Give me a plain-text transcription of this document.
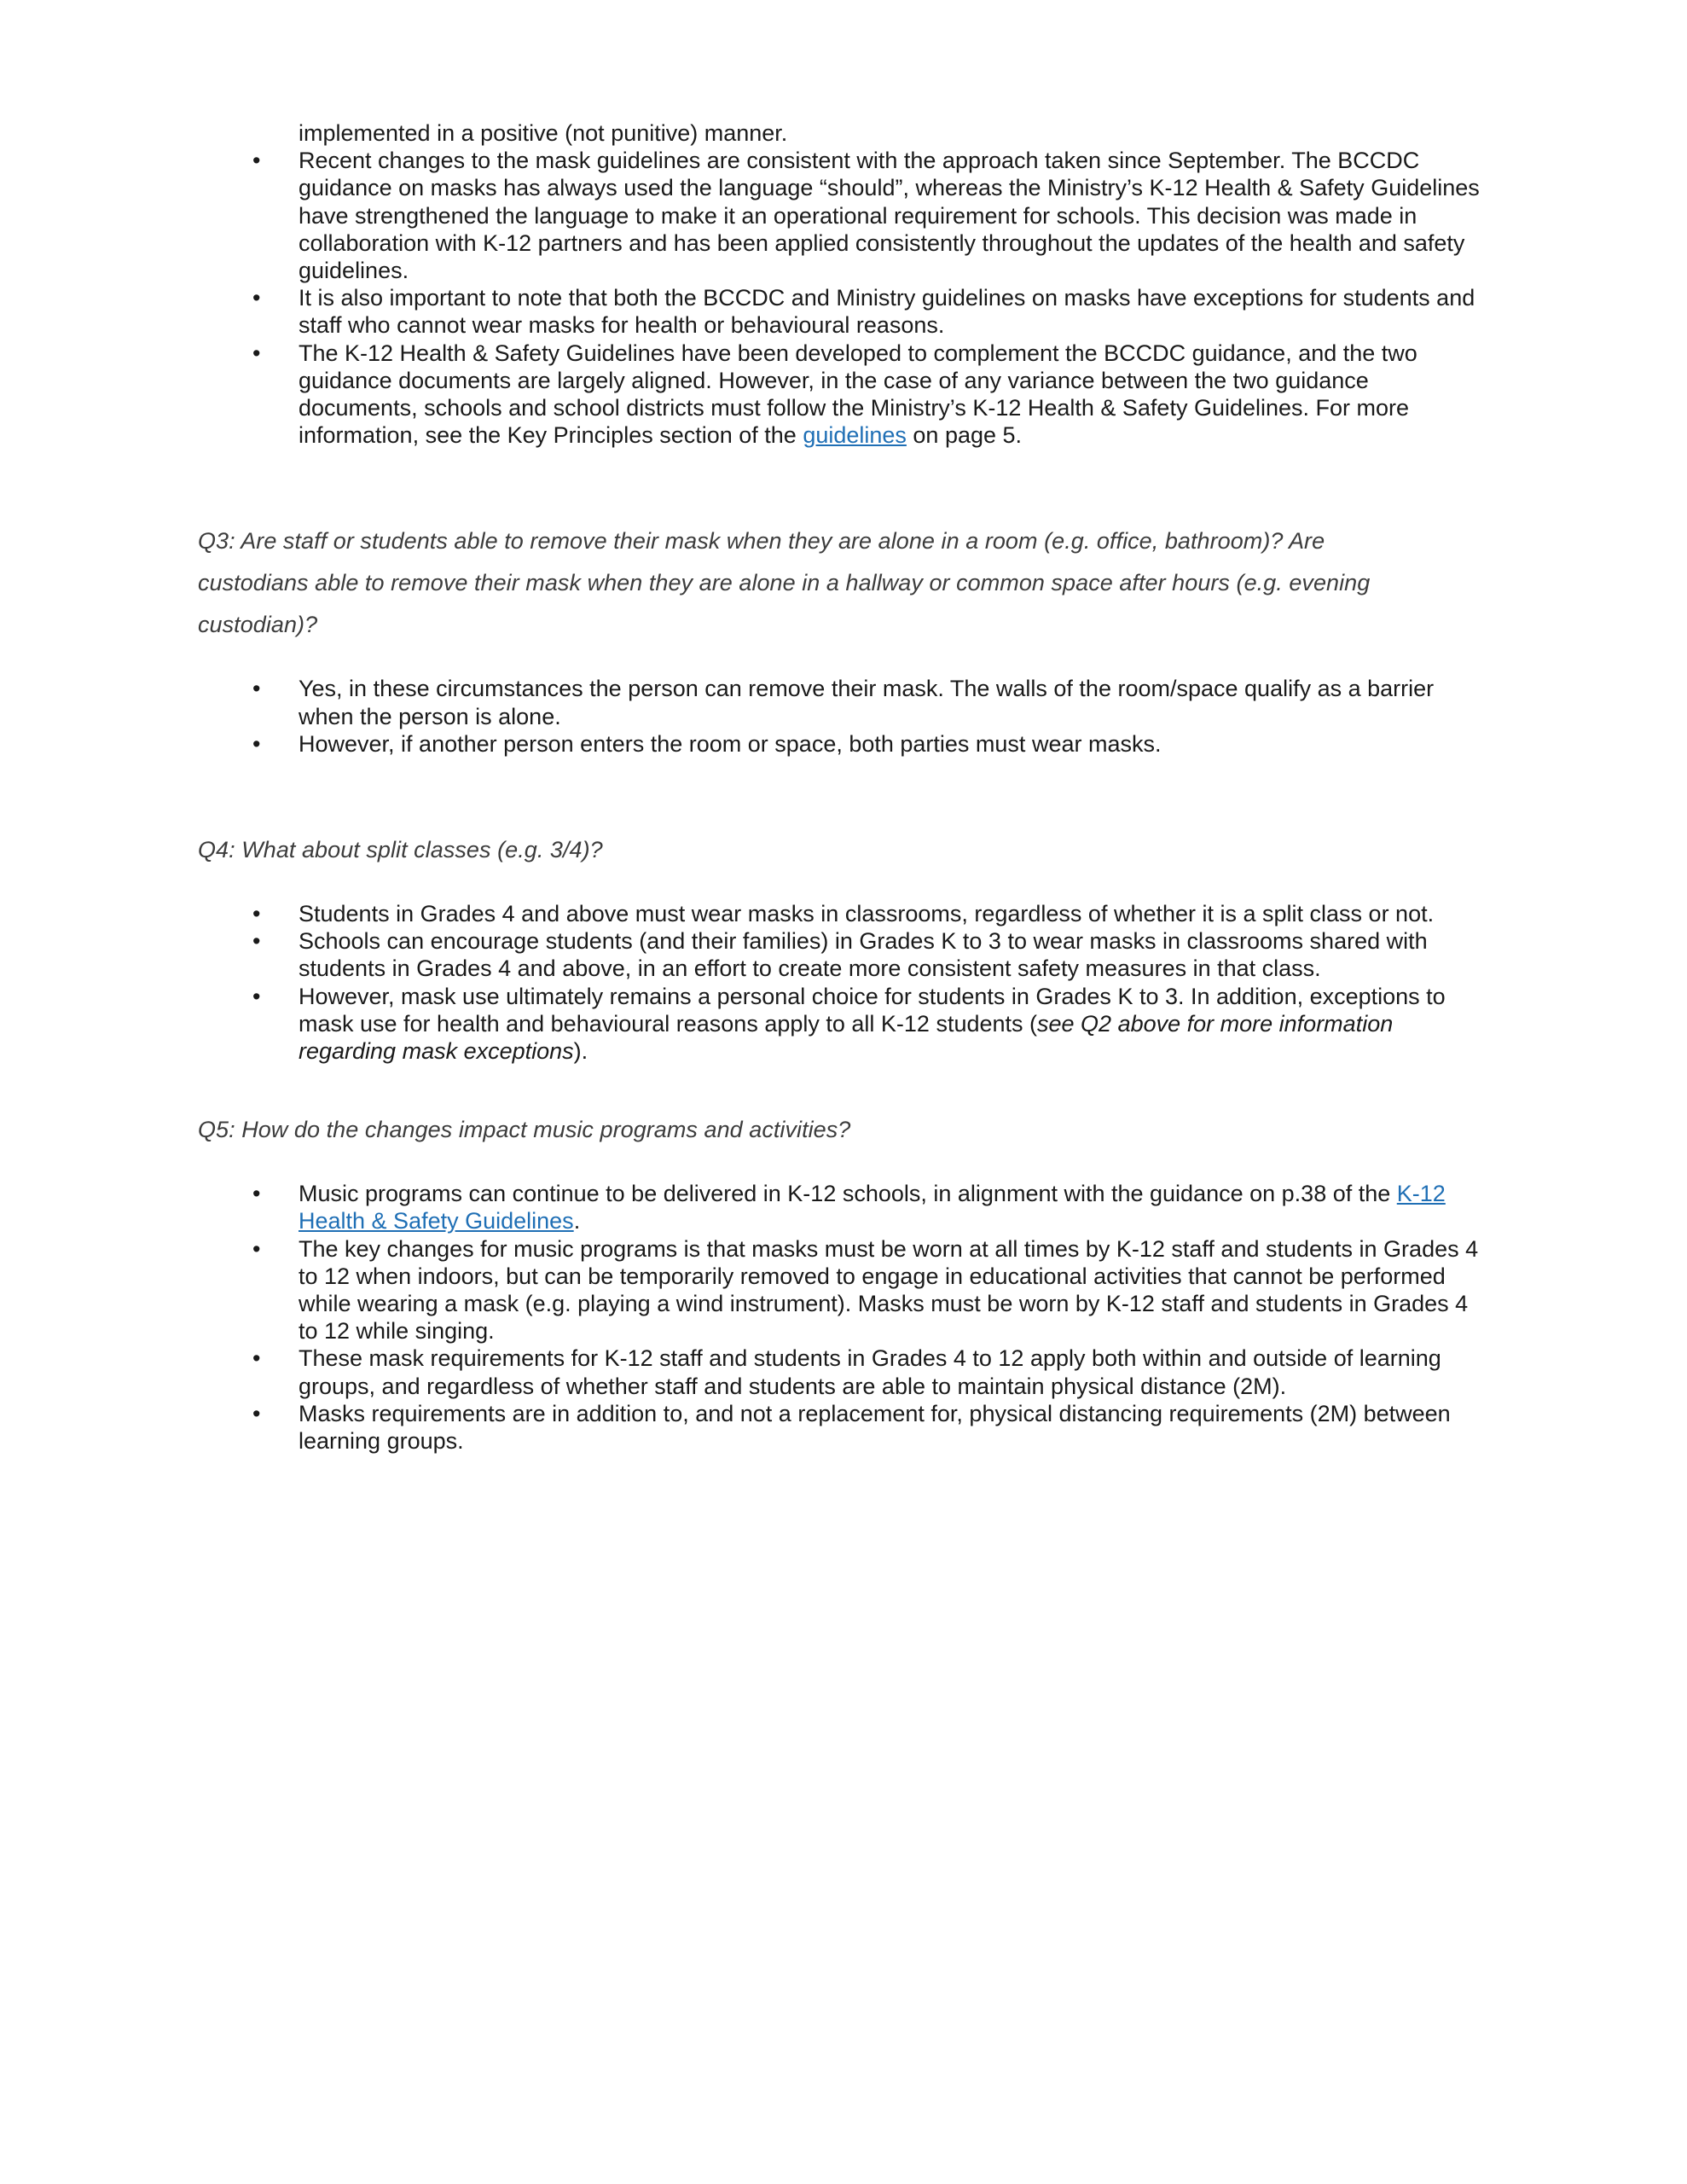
implemented in a positive (not punitive) manner.
• Recent changes to the mask guidelines are consistent with the approach taken since September. The BCCDC guidance on masks has always used the language “should”, whereas the Ministry’s K-12 Health & Safety Guidelines have strengthened the language to make it an operational requirement for schools. This decision was made in collaboration with K-12 partners and has been applied consistently throughout the updates of the health and safety guidelines.
• It is also important to note that both the BCCDC and Ministry guidelines on masks have exceptions for students and staff who cannot wear masks for health or behavioural reasons.
• The K-12 Health & Safety Guidelines have been developed to complement the BCCDC guidance, and the two guidance documents are largely aligned. However, in the case of any variance between the two guidance documents, schools and school districts must follow the Ministry’s K-12 Health & Safety Guidelines. For more information, see the Key Principles section of the guidelines on page 5.
Q3: Are staff or students able to remove their mask when they are alone in a room (e.g. office, bathroom)? Are custodians able to remove their mask when they are alone in a hallway or common space after hours (e.g. evening custodian)?
• Yes, in these circumstances the person can remove their mask. The walls of the room/space qualify as a barrier when the person is alone.
• However, if another person enters the room or space, both parties must wear masks.
Q4: What about split classes (e.g. 3/4)?
• Students in Grades 4 and above must wear masks in classrooms, regardless of whether it is a split class or not.
• Schools can encourage students (and their families) in Grades K to 3 to wear masks in classrooms shared with students in Grades 4 and above, in an effort to create more consistent safety measures in that class.
• However, mask use ultimately remains a personal choice for students in Grades K to 3. In addition, exceptions to mask use for health and behavioural reasons apply to all K-12 students (see Q2 above for more information regarding mask exceptions).
Q5: How do the changes impact music programs and activities?
• Music programs can continue to be delivered in K-12 schools, in alignment with the guidance on p.38 of the K-12 Health & Safety Guidelines.
• The key changes for music programs is that masks must be worn at all times by K-12 staff and students in Grades 4 to 12 when indoors, but can be temporarily removed to engage in educational activities that cannot be performed while wearing a mask (e.g. playing a wind instrument). Masks must be worn by K-12 staff and students in Grades 4 to 12 while singing.
• These mask requirements for K-12 staff and students in Grades 4 to 12 apply both within and outside of learning groups, and regardless of whether staff and students are able to maintain physical distance (2M).
• Masks requirements are in addition to, and not a replacement for, physical distancing requirements (2M) between learning groups.
